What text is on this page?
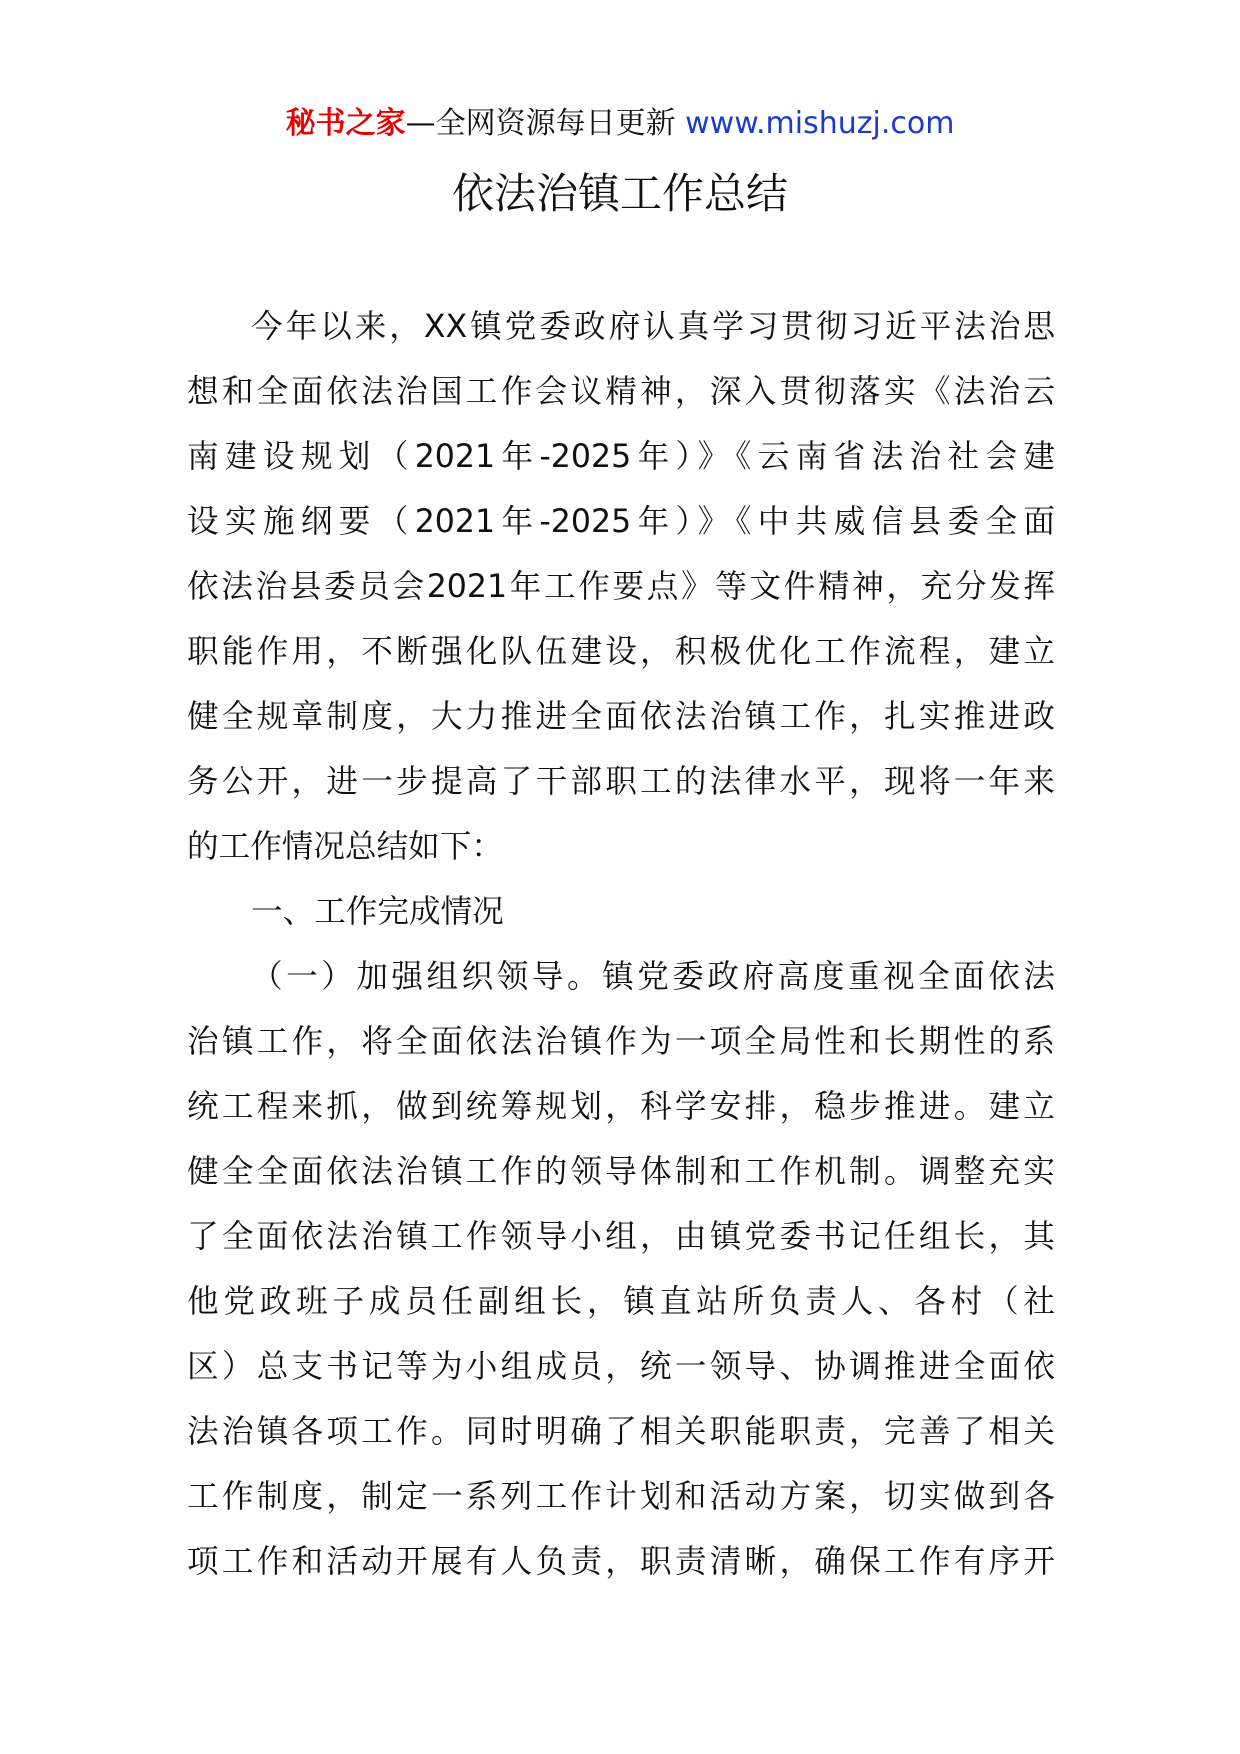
秘书之家—全网资源每日更新 www.mishuzj.com
依法治镇工作总结

今年以来，XX镇党委政府认真学习贯彻习近平法治思
想和全面依法治国工作会议精神，深入贯彻落实《法治云
南建设规划（2021年-2025年）》《云南省法治社会建
设实施纲要（2021年-2025年）》《中共威信县委全面
依法治县委员会2021年工作要点》等文件精神，充分发挥
职能作用，不断强化队伍建设，积极优化工作流程，建立
健全规章制度，大力推进全面依法治镇工作，扎实推进政
务公开，进一步提高了干部职工的法律水平，现将一年来
的工作情况总结如下：

一、工作完成情况

（一）加强组织领导。镇党委政府高度重视全面依法
治镇工作，将全面依法治镇作为一项全局性和长期性的系
统工程来抓，做到统筹规划，科学安排，稳步推进。建立
健全全面依法治镇工作的领导体制和工作机制。调整充实
了全面依法治镇工作领导小组，由镇党委书记任组长，其
他党政班子成员任副组长，镇直站所负责人、各村（社
区）总支书记等为小组成员，统一领导、协调推进全面依
法治镇各项工作。同时明确了相关职能职责，完善了相关
工作制度，制定一系列工作计划和活动方案，切实做到各
项工作和活动开展有人负责，职责清晰，确保工作有序开
